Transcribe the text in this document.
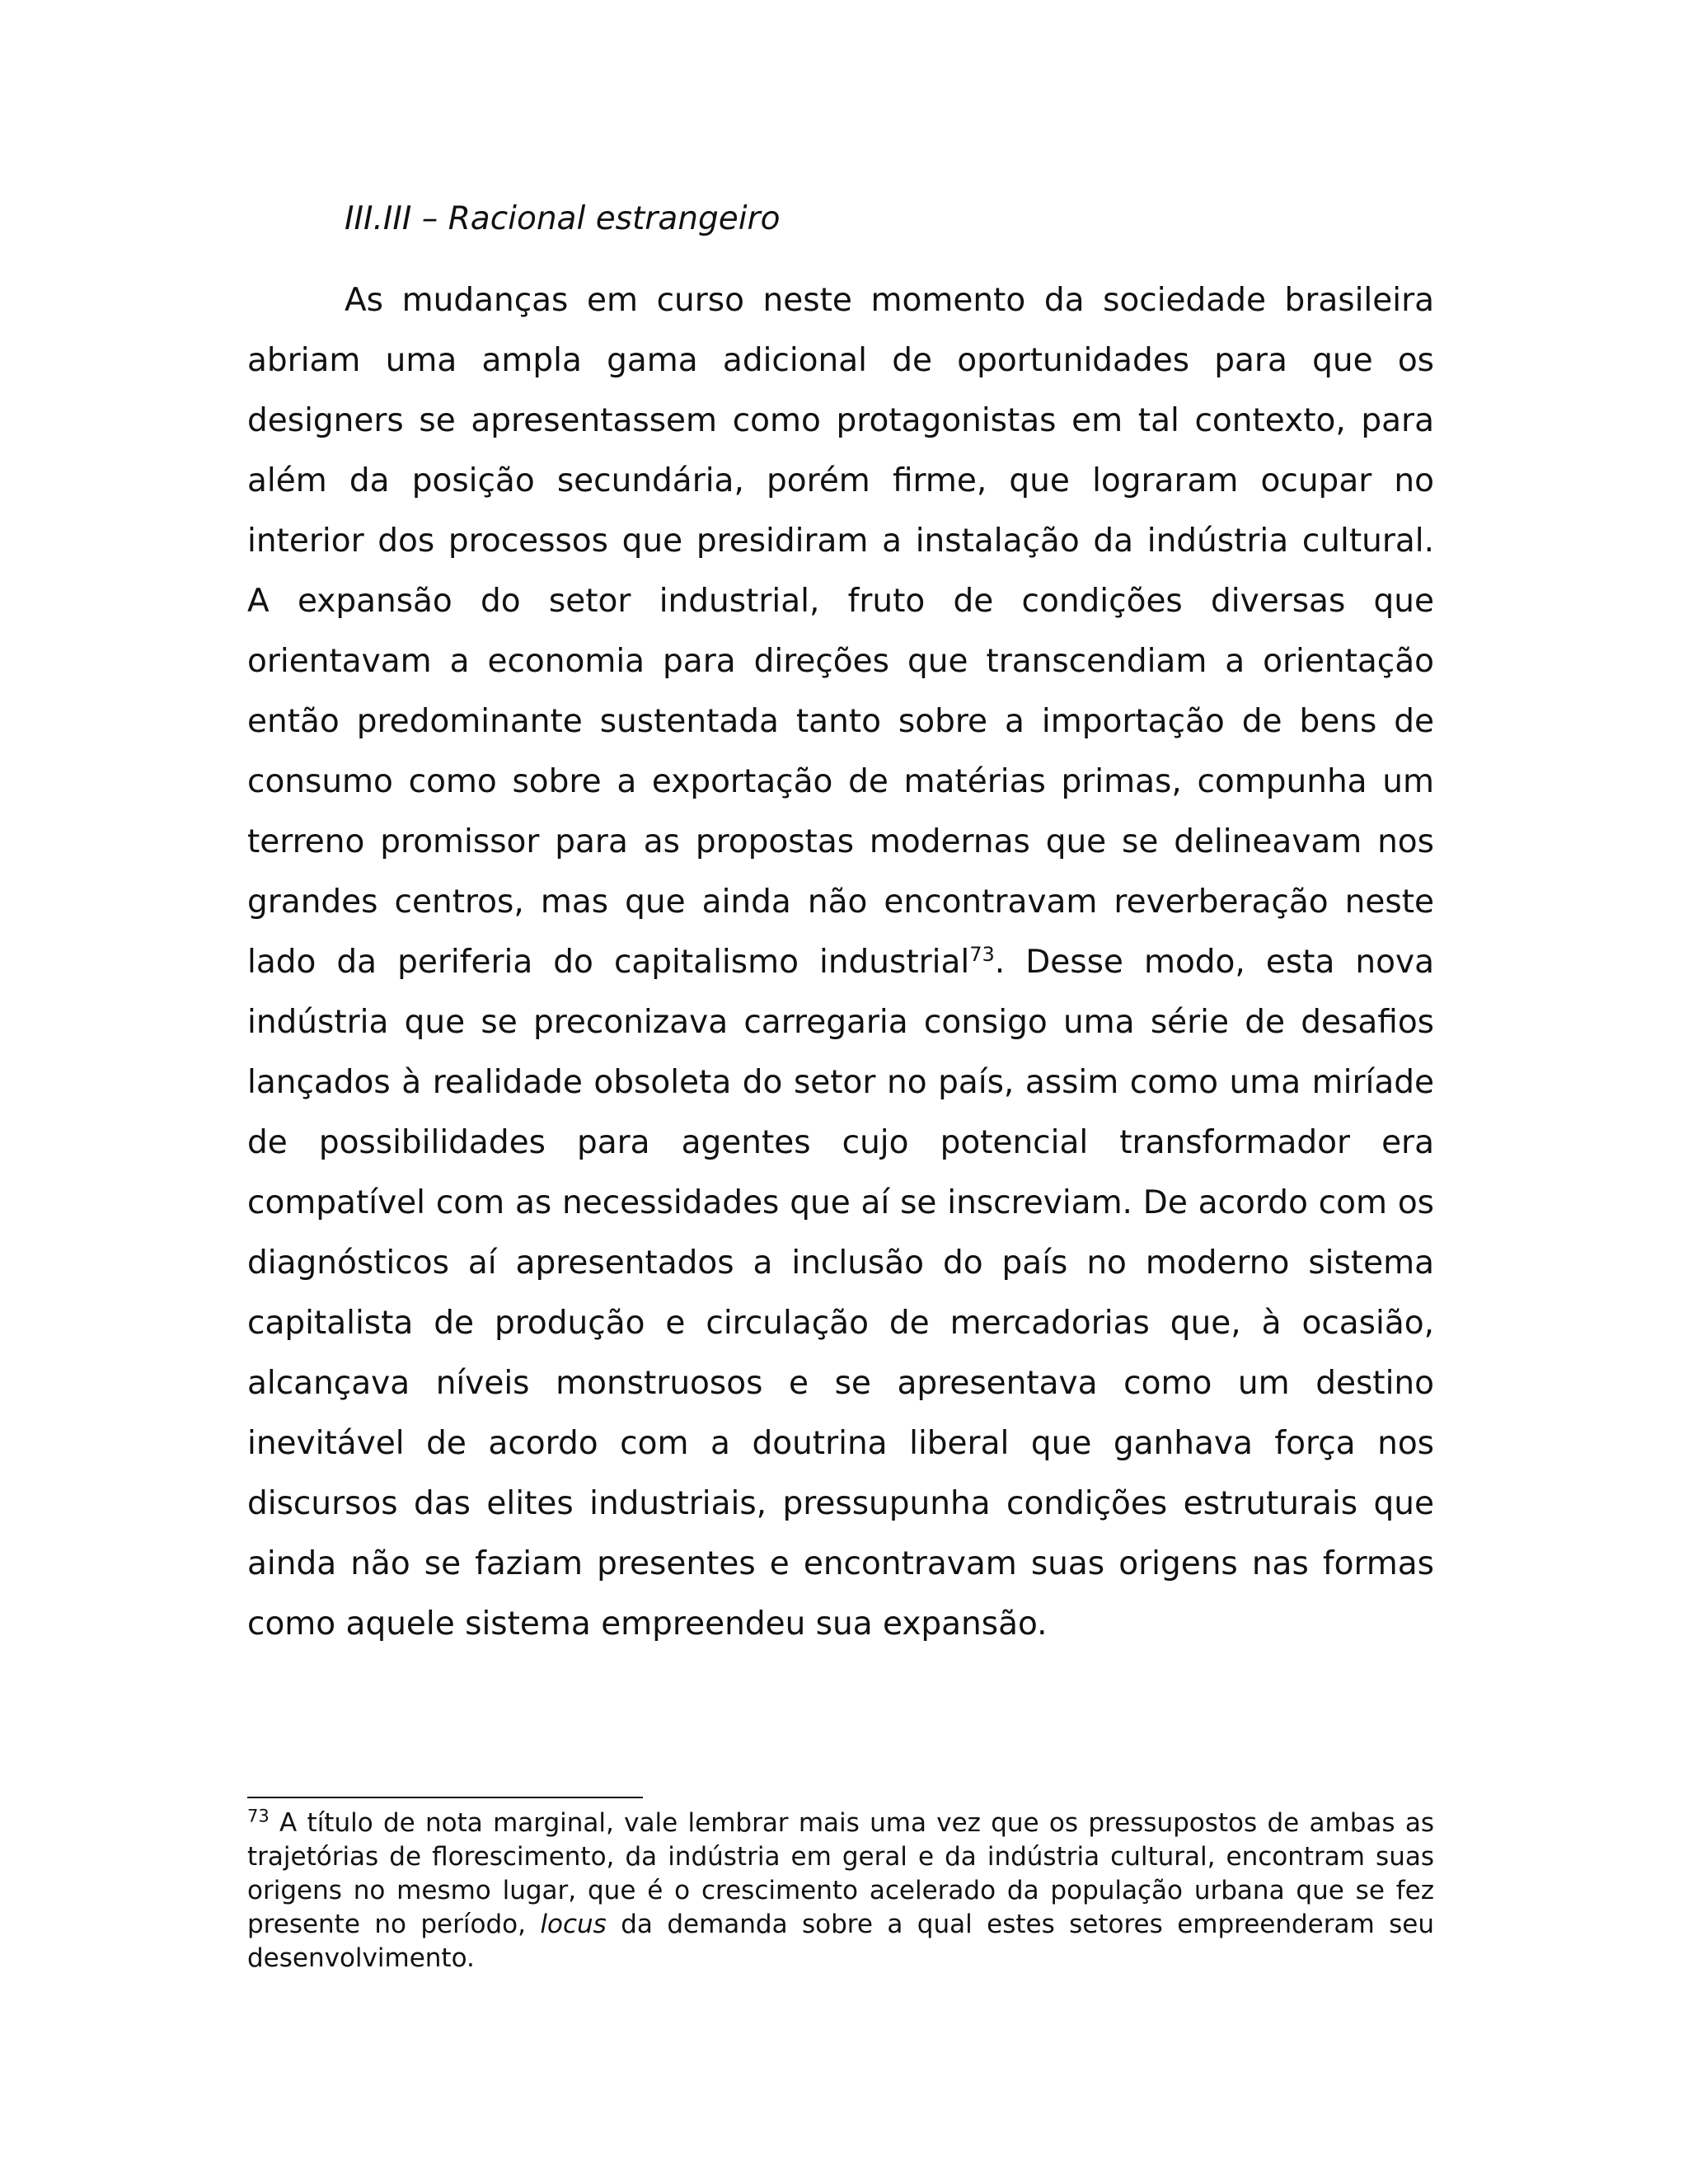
III.III – Racional estrangeiro

As mudanças em curso neste momento da sociedade brasileira abriam uma ampla gama adicional de oportunidades para que os designers se apresentassem como protagonistas em tal contexto, para além da posição secundária, porém firme, que lograram ocupar no interior dos processos que presidiram a instalação da indústria cultural. A expansão do setor industrial, fruto de condições diversas que orientavam a economia para direções que transcendiam a orientação então predominante sustentada tanto sobre a importação de bens de consumo como sobre a exportação de matérias primas, compunha um terreno promissor para as propostas modernas que se delineavam nos grandes centros, mas que ainda não encontravam reverberação neste lado da periferia do capitalismo industrial$^{73}$. Desse modo, esta nova indústria que se preconizava carregaria consigo uma série de desafios lançados à realidade obsoleta do setor no país, assim como uma miríade de possibilidades para agentes cujo potencial transformador era compatível com as necessidades que aí se inscreviam. De acordo com os diagnósticos aí apresentados a inclusão do país no moderno sistema capitalista de produção e circulação de mercadorias que, à ocasião, alcançava níveis monstruosos e se apresentava como um destino inevitável de acordo com a doutrina liberal que ganhava força nos discursos das elites industriais, pressupunha condições estruturais que ainda não se faziam presentes e encontravam suas origens nas formas como aquele sistema empreendeu sua expansão.

$^{73}$ A título de nota marginal, vale lembrar mais uma vez que os pressupostos de ambas as trajetórias de florescimento, da indústria em geral e da indústria cultural, encontram suas origens no mesmo lugar, que é o crescimento acelerado da população urbana que se fez presente no período, locus da demanda sobre a qual estes setores empreenderam seu desenvolvimento.
